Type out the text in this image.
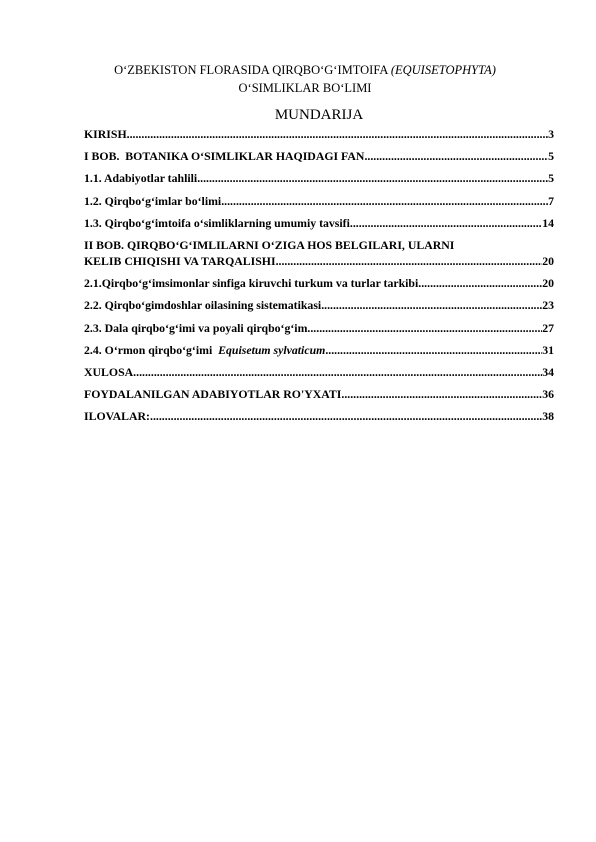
O‘ZBEKISTON FLORASIDA QIRQBO‘G‘IMTOIFA (EQUISETOPHYTA)
O‘SIMLIKLAR BO‘LIMI
MUNDARIJA
KIRISH .....	3
I BOB.  BOTANIKA O‘SIMLIKLAR HAQIDAGI FAN .....	5
1.1. Adabiyotlar tahlili .....	5
1.2. Qirqbo‘g‘imlar bo‘limi .....	7
1.3. Qirqbo‘g‘imtoifa o‘simliklarning umumiy tavsifi .....	14
II BOB. QIRQBO‘G‘IMLILARNI O‘ZIGA HOS BELGILARI, ULARNI
KELIB CHIQISHI VA TARQALISHI .....	20
2.1.Qirqbo‘g‘imsimonlar sinfiga kiruvchi turkum va turlar tarkibi .....	20
2.2. Qirqbo‘gimdoshlar oilasining sistematikasi .....	23
2.3. Dala qirqbo‘g‘imi va poyali qirqbo‘g‘im .....	27
2.4. O‘rmon qirqbo‘g‘imi  Equisetum sylvaticum .....	31
XULOSA .....	34
FOYDALANILGAN ADABIYOTLAR RO'YXATI .....	36
ILOVALAR: .....	38
